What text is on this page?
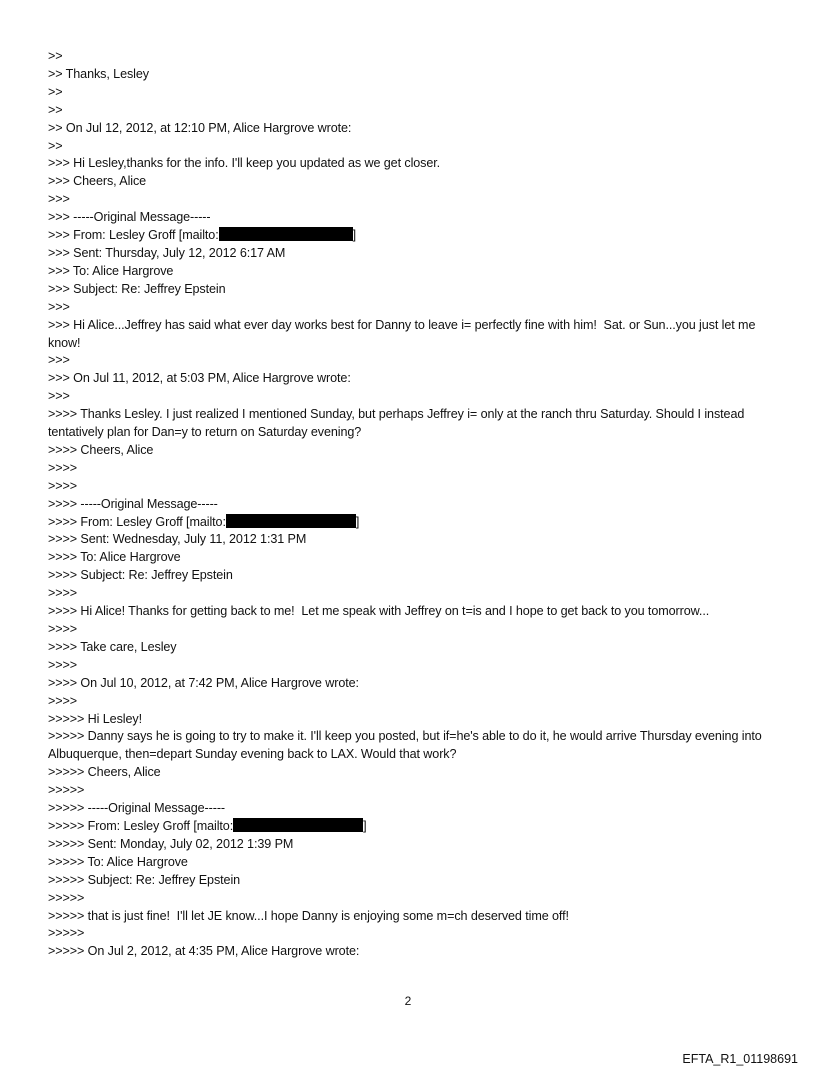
>>

>> Thanks, Lesley

>>

>>

>> On Jul 12, 2012, at 12:10 PM, Alice Hargrove wrote:

>>

>>> Hi Lesley,thanks for the info. I'll keep you updated as we get closer.

>>> Cheers, Alice

>>>

>>> -----Original Message-----

>>> From: Lesley Groff [mailto:	]

>>> Sent: Thursday, July 12, 2012 6:17 AM

>>> To: Alice Hargrove

>>> Subject: Re: Jeffrey Epstein

>>>

>>> Hi Alice...Jeffrey has said what ever day works best for Danny to leave i= perfectly fine with him!  Sat. or Sun...you just let me know!

>>>

>>> On Jul 11, 2012, at 5:03 PM, Alice Hargrove wrote:

>>>

>>>> Thanks Lesley. I just realized I mentioned Sunday, but perhaps Jeffrey i= only at the ranch thru Saturday. Should I instead tentatively plan for Dan=y to return on Saturday evening?

>>>> Cheers, Alice

>>>>

>>>>

>>>> -----Original Message-----

>>>> From: Lesley Groff [mailto:	]

>>>> Sent: Wednesday, July 11, 2012 1:31 PM

>>>> To: Alice Hargrove

>>>> Subject: Re: Jeffrey Epstein

>>>>

>>>> Hi Alice! Thanks for getting back to me!  Let me speak with Jeffrey on t=is and I hope to get back to you tomorrow...

>>>>

>>>> Take care, Lesley

>>>>

>>>> On Jul 10, 2012, at 7:42 PM, Alice Hargrove wrote:

>>>>

>>>>> Hi Lesley!

>>>>> Danny says he is going to try to make it. I'll keep you posted, but if=he's able to do it, he would arrive Thursday evening into Albuquerque, then=depart Sunday evening back to LAX. Would that work?

>>>>> Cheers, Alice

>>>>>

>>>>> -----Original Message-----

>>>>> From: Lesley Groff [mailto:	]

>>>>> Sent: Monday, July 02, 2012 1:39 PM

>>>>> To: Alice Hargrove

>>>>> Subject: Re: Jeffrey Epstein

>>>>>

>>>>> that is just fine!  I'll let JE know...I hope Danny is enjoying some m=ch deserved time off!

>>>>>

>>>>> On Jul 2, 2012, at 4:35 PM, Alice Hargrove wrote:

2
EFTA_R1_01198691
